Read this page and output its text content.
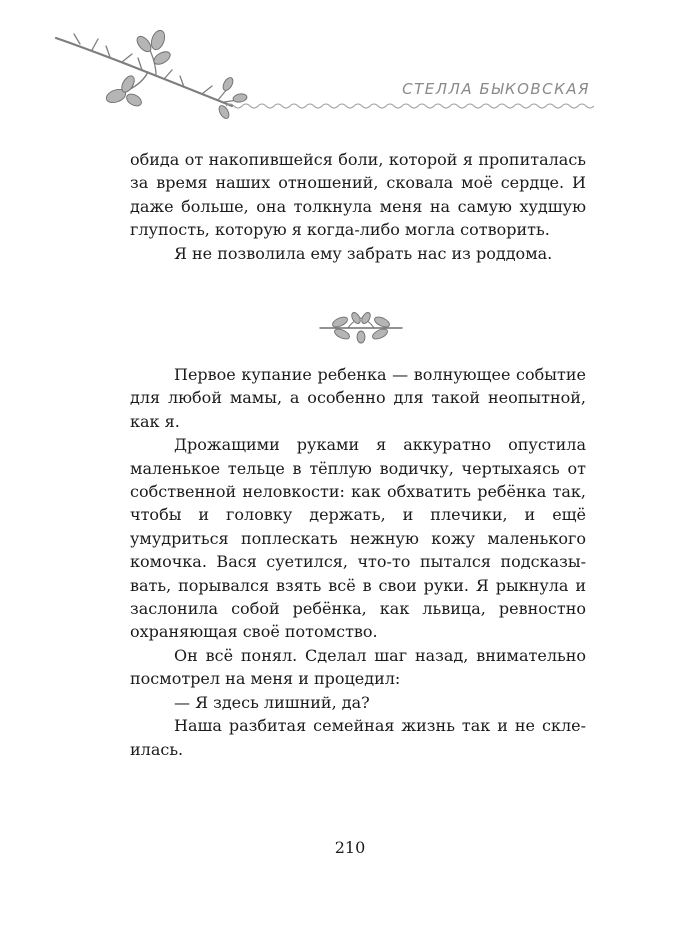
СТЕЛЛА БЫКОВСКАЯ

обида от накопившейся боли, которой я пропиталась за время наших отношений, сковала моё сердце. И даже больше, она толкнула меня на самую худшую глупость, которую я когда-либо могла сотворить.

Я не позволила ему забрать нас из роддома.

Первое купание ребенка — волнующее событие для любой мамы, а особенно для такой неопытной, как я.

Дрожащими руками я аккуратно опустила маленькое тельце в тёплую водичку, чертыхаясь от собственной неловкости: как обхватить ребёнка так, чтобы и головку держать, и плечики, и ещё умудриться поплескать нежную кожу маленького комочка. Вася суетился, что-то пытался подсказывать, порывался взять всё в свои руки. Я рыкнула и заслонила собой ребёнка, как львица, ревностно охраняющая своё потомство.

Он всё понял. Сделал шаг назад, внимательно посмотрел на меня и процедил:

— Я здесь лишний, да?

Наша разбитая семейная жизнь так и не склеилась.

210
